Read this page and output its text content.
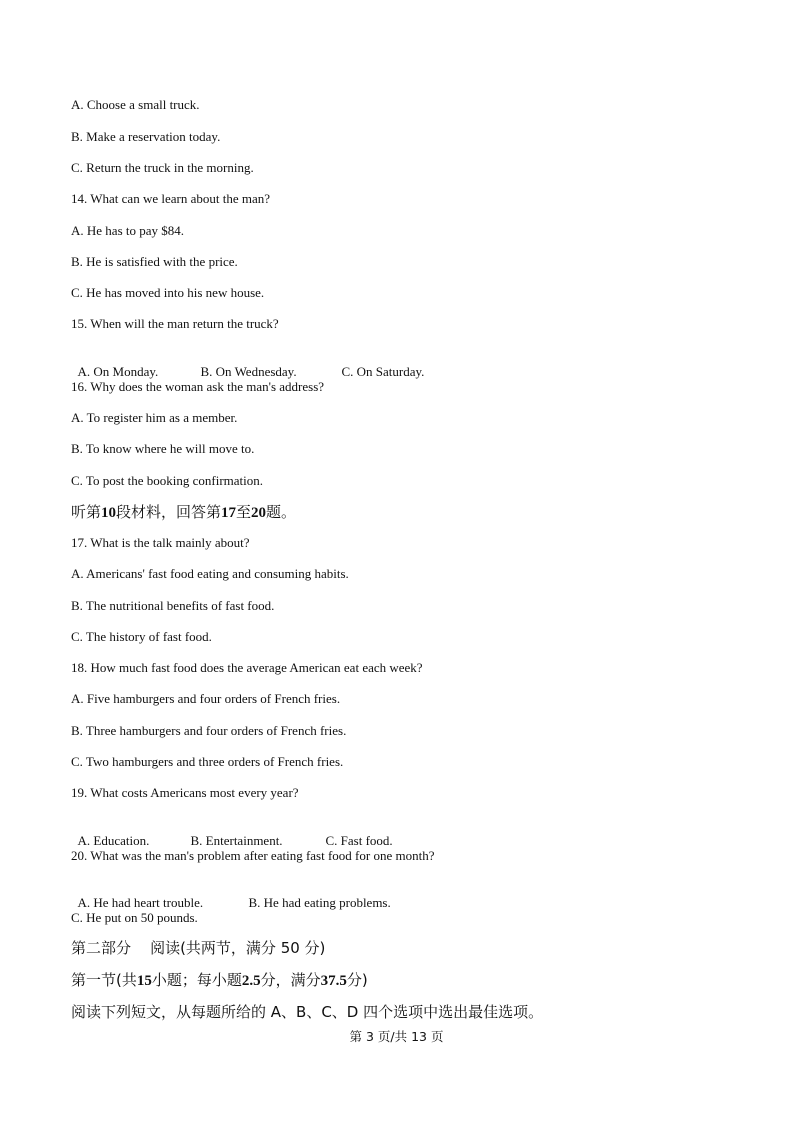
A. Choose a small truck.
B. Make a reservation today.
C. Return the truck in the morning.
14. What can we learn about the man?
A. He has to pay $84.
B. He is satisfied with the price.
C. He has moved into his new house.
15. When will the man return the truck?

A. On Monday.	B. On Wednesday.	C. On Saturday.

16. Why does the woman ask the man's address?
A. To register him as a member.
B. To know where he will move to.
C. To post the booking confirmation.
听第10段材料，回答第17至20题。
17. What is the talk mainly about?
A. Americans' fast food eating and consuming habits.
B. The nutritional benefits of fast food.
C. The history of fast food.
18. How much fast food does the average American eat each week?
A. Five hamburgers and four orders of French fries.
B. Three hamburgers and four orders of French fries.
C. Two hamburgers and three orders of French fries.
19. What costs Americans most every year?

A. Education.	B. Entertainment.	C. Fast food.

20. What was the man's problem after eating fast food for one month?

A. He had heart trouble.	B. He had eating problems.

C. He put on 50 pounds.
第二部分    阅读(共两节，满分 50 分)
第一节(共15小题；每小题2.5分，满分37.5分)
阅读下列短文，从每题所给的 A、B、C、D 四个选项中选出最佳选项。
第 3 页/共 13 页
